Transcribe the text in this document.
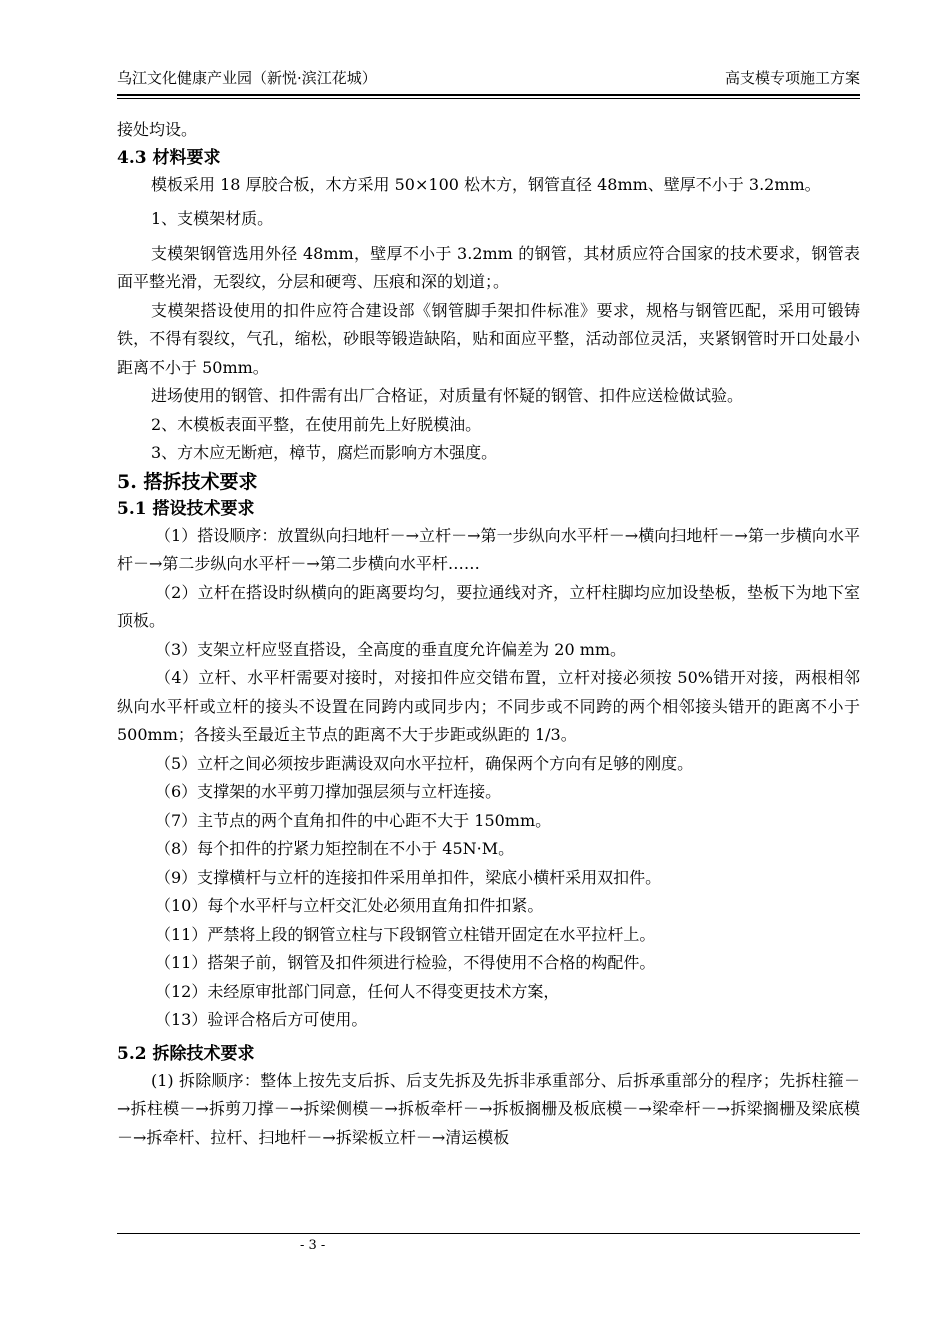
乌江文化健康产业园（新悦·滨江花城）	高支模专项施工方案

接处均设。

4.3 材料要求

模板采用 18 厚胶合板，木方采用 50×100 松木方，钢管直径 48mm、壁厚不小于 3.2mm。

1、支模架材质。

支模架钢管选用外径 48mm，壁厚不小于 3.2mm 的钢管，其材质应符合国家的技术要求，钢管表面平整光滑，无裂纹，分层和硬弯、压痕和深的划道；。

支模架搭设使用的扣件应符合建设部《钢管脚手架扣件标准》要求，规格与钢管匹配，采用可锻铸铁，不得有裂纹，气孔，缩松，砂眼等锻造缺陷，贴和面应平整，活动部位灵活，夹紧钢管时开口处最小距离不小于 50mm。

进场使用的钢管、扣件需有出厂合格证，对质量有怀疑的钢管、扣件应送检做试验。

2、木模板表面平整，在使用前先上好脱模油。

3、方木应无断疤，樟节，腐烂而影响方木强度。

5. 搭拆技术要求

5.1 搭设技术要求

（1）搭设顺序：放置纵向扫地杆－→立杆－→第一步纵向水平杆－→横向扫地杆－→第一步横向水平杆－→第二步纵向水平杆－→第二步横向水平杆……

（2）立杆在搭设时纵横向的距离要均匀，要拉通线对齐，立杆柱脚均应加设垫板，垫板下为地下室顶板。

（3）支架立杆应竖直搭设，全高度的垂直度允许偏差为 20 mm。

（4）立杆、水平杆需要对接时，对接扣件应交错布置，立杆对接必须按 50%错开对接，两根相邻纵向水平杆或立杆的接头不设置在同跨内或同步内；不同步或不同跨的两个相邻接头错开的距离不小于 500mm；各接头至最近主节点的距离不大于步距或纵距的 1/3。

（5）立杆之间必须按步距满设双向水平拉杆，确保两个方向有足够的刚度。

（6）支撑架的水平剪刀撑加强层须与立杆连接。

（7）主节点的两个直角扣件的中心距不大于 150mm。

（8）每个扣件的拧紧力矩控制在不小于 45N·M。

（9）支撑横杆与立杆的连接扣件采用单扣件，梁底小横杆采用双扣件。

（10）每个水平杆与立杆交汇处必须用直角扣件扣紧。

（11）严禁将上段的钢管立柱与下段钢管立柱错开固定在水平拉杆上。

（11）搭架子前，钢管及扣件须进行检验，不得使用不合格的构配件。

（12）未经原审批部门同意，任何人不得变更技术方案，

（13）验评合格后方可使用。

5.2 拆除技术要求

(1) 拆除顺序：整体上按先支后拆、后支先拆及先拆非承重部分、后拆承重部分的程序；先拆柱箍－→拆柱模－→拆剪刀撑－→拆梁侧模－→拆板牵杆－→拆板搁栅及板底模－→梁牵杆－→拆梁搁栅及梁底模 －→拆牵杆、拉杆、扫地杆－→拆梁板立杆－→清运模板

- 3 -
